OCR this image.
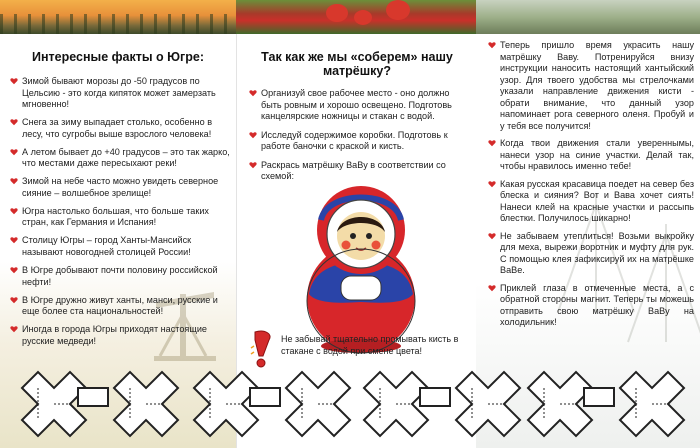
Интересные факты о Югре:
Зимой бывают морозы до -50 градусов по Цельсию - это когда кипяток может замерзать мгновенно!
Снега за зиму выпадает столько, особенно в лесу, что сугробы выше взрослого человека!
А летом бывает до +40 градусов – это так жарко, что местами даже пересыхают реки!
Зимой на небе часто можно увидеть северное сияние – волшебное зрелище!
Югра настолько большая, что больше таких стран, как Германия и Испания!
Столицу Югры – город Ханты-Мансийск называют новогодней столицей России!
В Югре добывают почти половину российской нефти!
В Югре дружно живут ханты, манси, русские и еще более ста национальностей!
Иногда в города Югры приходят настоящие русские медведи!
Так как же мы «соберем» нашу матрёшку?
Организуй свое рабочее место - оно должно быть ровным и хорошо освещено. Подготовь канцелярские ножницы и стакан с водой.
Исследуй содержимое коробки. Подготовь к работе баночки с краской и кисть.
Раскрась матрёшку ВаВу в соответствии со схемой:
Не забывай тщательно промывать кисть в стакане с водой при смене цвета!
Теперь пришло время украсить нашу матрёшку Ваву. Потренируйся внизу инструкции наносить настоящий хантыйский узор. Для твоего удобства мы стрелочками указали направление движения кисти - обрати внимание, что данный узор напоминает рога северного оленя. Пробуй и у тебя все получится!
Когда твои движения стали увереннымы, нанеси узор на синие участки. Делай так, чтобы нравилось именно тебе!
Какая русская красавица поедет на север без блеска и сияния? Вот и Вава хочет сиять! Нанеси клей на красные участки и рассыпь блестки. Получилось шикарно!
Не забываем утеплиться! Возьми выкройку для меха, вырежи воротник и муфту для рук. С помощью клея зафиксируй их на матрёшке ВаВе.
Приклей глаза в отмеченные места, а с обратной стороны магнит. Теперь ты можешь отправить свою матрёшку ВаВу на холодильник!
